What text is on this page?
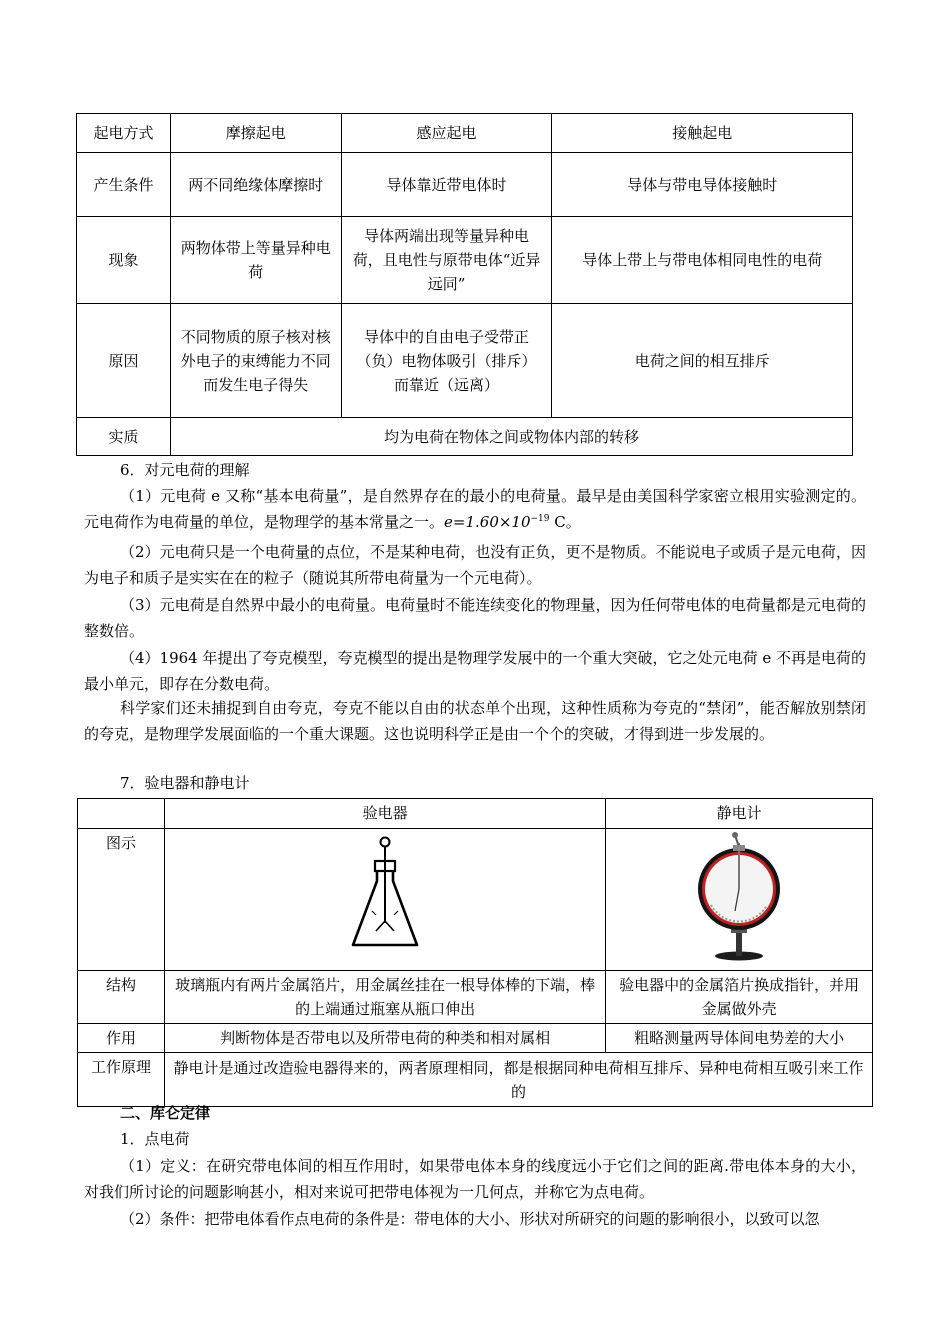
起电方式	摩擦起电	感应起电	接触起电
产生条件	两不同绝缘体摩擦时	导体靠近带电体时	导体与带电导体接触时
现象	两物体带上等量异种电荷	导体两端出现等量异种电荷，且电性与原带电体“近异远同”	导体上带上与带电体相同电性的电荷
原因	不同物质的原子核对核外电子的束缚能力不同而发生电子得失	导体中的自由电子受带正（负）电物体吸引（排斥）而靠近（远离）	电荷之间的相互排斥
实质	均为电荷在物体之间或物体内部的转移		

6．对元电荷的理解

（1）元电荷 e 又称“基本电荷量”，是自然界存在的最小的电荷量。最早是由美国科学家密立根用实验测定的。元电荷作为电荷量的单位，是物理学的基本常量之一。$e=1.60\times 10^{-19}$ C。

（2）元电荷只是一个电荷量的点位，不是某种电荷，也没有正负，更不是物质。不能说电子或质子是元电荷，因为电子和质子是实实在在的粒子（随说其所带电荷量为一个元电荷）。

（3）元电荷是自然界中最小的电荷量。电荷量时不能连续变化的物理量，因为任何带电体的电荷量都是元电荷的整数倍。

（4）1964 年提出了夸克模型，夸克模型的提出是物理学发展中的一个重大突破，它之处元电荷 e 不再是电荷的最小单元，即存在分数电荷。

科学家们还未捕捉到自由夸克，夸克不能以自由的状态单个出现，这种性质称为夸克的“禁闭”，能否解放别禁闭的夸克，是物理学发展面临的一个重大课题。这也说明科学正是由一个个的突破，才得到进一步发展的。

7．验电器和静电计

	验电器	静电计
图示		
结构	玻璃瓶内有两片金属箔片，用金属丝挂在一根导体棒的下端，棒的上端通过瓶塞从瓶口伸出	验电器中的金属箔片换成指针，并用金属做外壳
作用	判断物体是否带电以及所带电荷的种类和相对属相	粗略测量两导体间电势差的大小
工作原理	静电计是通过改造验电器得来的，两者原理相同，都是根据同种电荷相互排斥、异种电荷相互吸引来工作的	

二、库仑定律

1．点电荷

（1）定义：在研究带电体间的相互作用时，如果带电体本身的线度远小于它们之间的距离.带电体本身的大小，对我们所讨论的问题影响甚小，相对来说可把带电体视为一几何点，并称它为点电荷。

（2）条件：把带电体看作点电荷的条件是：带电体的大小、形状对所研究的问题的影响很小，以致可以忽
